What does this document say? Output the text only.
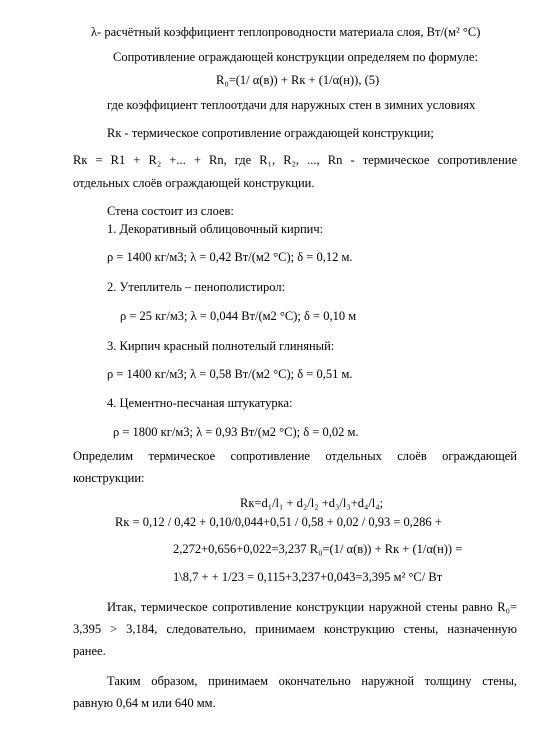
λ- расчётный коэффициент теплопроводности материала слоя, Вт/(м² °С)
Сопротивление ограждающей конструкции определяем по формуле:
R₀=(1/ α(в)) + Rк + (1/α(н)), (5)
где коэффициент теплоотдачи для наружных стен в зимних условиях
Rк - термическое сопротивление ограждающей конструкции;
Rк = R1 + R₂ +... + Rn, где R₁, R₂, ..., Rn - термическое сопротивление
отдельных слоёв ограждающей конструкции.
Стена состоит из слоев:
1. Декоративный облицовочный кирпич:
ρ = 1400 кг/м3; λ = 0,42 Вт/(м2 °С); δ = 0,12 м.
2. Утеплитель – пенополистирол:
ρ = 25 кг/м3; λ = 0,044 Вт/(м2 °С); δ = 0,10 м
3. Кирпич красный полнотелый глиняный:
ρ = 1400 кг/м3; λ = 0,58 Вт/(м2 °С); δ = 0,51 м.
4. Цементно-песчаная штукатурка:
ρ = 1800 кг/м3; λ = 0,93 Вт/(м2 °С); δ = 0,02 м.
Определим термическое сопротивление отдельных слоёв ограждающей
конструкции:
Rк=d₁/l₁ + d₂/l₂ +d₃/l₃+d₄/l₄;
Rк = 0,12 / 0,42 + 0,10/0,044+0,51 / 0,58 + 0,02 / 0,93 = 0,286 +
2,272+0,656+0,022=3,237 R₀=(1/ α(в)) + Rк + (1/α(н)) =
1\8,7 + + 1/23 = 0,115+3,237+0,043=3,395 м² °С/ Вт
Итак, термическое сопротивление конструкции наружной стены равно R₀=
3,395 > 3,184, следовательно, принимаем конструкцию стены, назначенную
ранее.
Таким образом, принимаем окончательно наружной толщину стены,
равную 0,64 м или 640 мм.
